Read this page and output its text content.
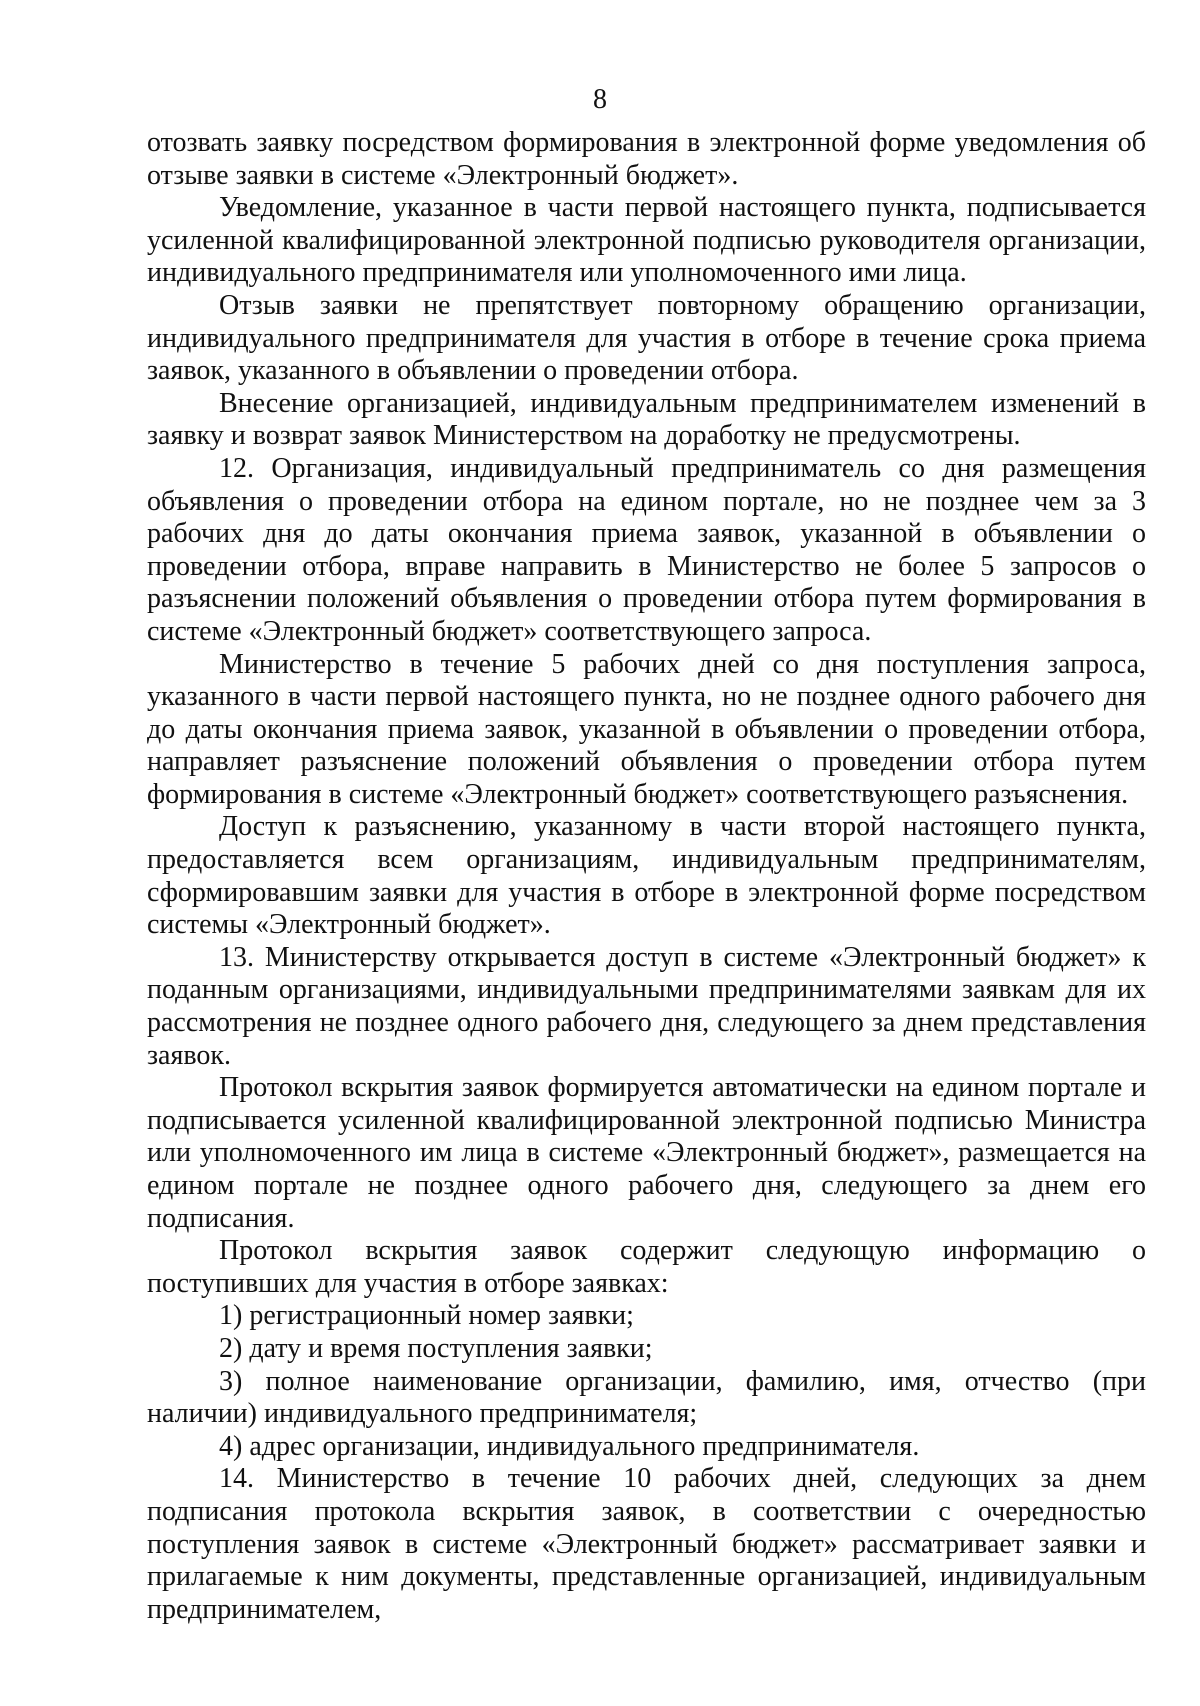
8

отозвать заявку посредством формирования в электронной форме уведомления об отзыве заявки в системе «Электронный бюджет».

Уведомление, указанное в части первой настоящего пункта, подписывается усиленной квалифицированной электронной подписью руководителя организации, индивидуального предпринимателя или уполномоченного ими лица.

Отзыв заявки не препятствует повторному обращению организации, индивидуального предпринимателя для участия в отборе в течение срока приема заявок, указанного в объявлении о проведении отбора.

Внесение организацией, индивидуальным предпринимателем изменений в заявку и возврат заявок Министерством на доработку не предусмотрены.

12. Организация, индивидуальный предприниматель со дня размещения объявления о проведении отбора на едином портале, но не позднее чем за 3 рабочих дня до даты окончания приема заявок, указанной в объявлении о проведении отбора, вправе направить в Министерство не более 5 запросов о разъяснении положений объявления о проведении отбора путем формирования в системе «Электронный бюджет» соответствующего запроса.

Министерство в течение 5 рабочих дней со дня поступления запроса, указанного в части первой настоящего пункта, но не позднее одного рабочего дня до даты окончания приема заявок, указанной в объявлении о проведении отбора, направляет разъяснение положений объявления о проведении отбора путем формирования в системе «Электронный бюджет» соответствующего разъяснения.

Доступ к разъяснению, указанному в части второй настоящего пункта, предоставляется всем организациям, индивидуальным предпринимателям, сформировавшим заявки для участия в отборе в электронной форме посредством системы «Электронный бюджет».

13. Министерству открывается доступ в системе «Электронный бюджет» к поданным организациями, индивидуальными предпринимателями заявкам для их рассмотрения не позднее одного рабочего дня, следующего за днем представления заявок.

Протокол вскрытия заявок формируется автоматически на едином портале и подписывается усиленной квалифицированной электронной подписью Министра или уполномоченного им лица в системе «Электронный бюджет», размещается на едином портале не позднее одного рабочего дня, следующего за днем его подписания.

Протокол вскрытия заявок содержит следующую информацию о поступивших для участия в отборе заявках:

1) регистрационный номер заявки;

2) дату и время поступления заявки;

3) полное наименование организации, фамилию, имя, отчество (при наличии) индивидуального предпринимателя;

4) адрес организации, индивидуального предпринимателя.

14. Министерство в течение 10 рабочих дней, следующих за днем подписания протокола вскрытия заявок, в соответствии с очередностью поступления заявок в системе «Электронный бюджет» рассматривает заявки и прилагаемые к ним документы, представленные организацией, индивидуальным предпринимателем,
